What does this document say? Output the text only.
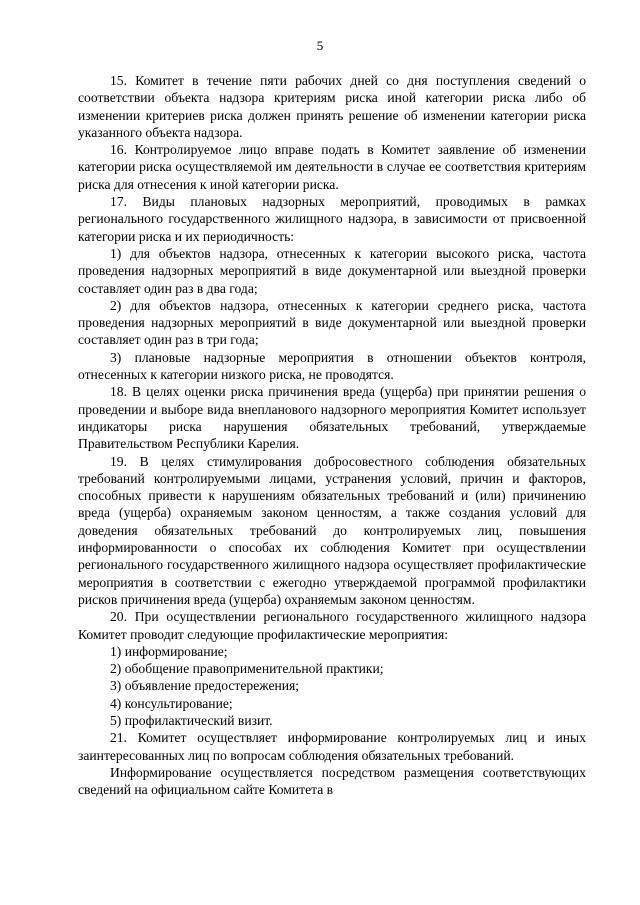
5

15. Комитет в течение пяти рабочих дней со дня поступления сведений о соответствии объекта надзора критериям риска иной категории риска либо об изменении критериев риска должен принять решение об изменении категории риска указанного объекта надзора.

16. Контролируемое лицо вправе подать в Комитет заявление об изменении категории риска осуществляемой им деятельности в случае ее соответствия критериям риска для отнесения к иной категории риска.

17. Виды плановых надзорных мероприятий, проводимых в рамках регионального государственного жилищного надзора, в зависимости от присвоенной категории риска и их периодичность:

1) для объектов надзора, отнесенных к категории высокого риска, частота проведения надзорных мероприятий в виде документарной или выездной проверки составляет один раз в два года;

2) для объектов надзора, отнесенных к категории среднего риска, частота проведения надзорных мероприятий в виде документарной или выездной проверки составляет один раз в три года;

3) плановые надзорные мероприятия в отношении объектов контроля, отнесенных к категории низкого риска, не проводятся.

18. В целях оценки риска причинения вреда (ущерба) при принятии решения о проведении и выборе вида внепланового надзорного мероприятия Комитет использует индикаторы риска нарушения обязательных требований, утверждаемые Правительством Республики Карелия.

19. В целях стимулирования добросовестного соблюдения обязательных требований контролируемыми лицами, устранения условий, причин и факторов, способных привести к нарушениям обязательных требований и (или) причинению вреда (ущерба) охраняемым законом ценностям, а также создания условий для доведения обязательных требований до контролируемых лиц, повышения информированности о способах их соблюдения Комитет при осуществлении регионального государственного жилищного надзора осуществляет профилактические мероприятия в соответствии с ежегодно утверждаемой программой профилактики рисков причинения вреда (ущерба) охраняемым законом ценностям.

20. При осуществлении регионального государственного жилищного надзора Комитет проводит следующие профилактические мероприятия:

1) информирование;

2) обобщение правоприменительной практики;

3) объявление предостережения;

4) консультирование;

5) профилактический визит.

21. Комитет осуществляет информирование контролируемых лиц и иных заинтересованных лиц по вопросам соблюдения обязательных требований.

Информирование осуществляется посредством размещения соответствующих сведений на официальном сайте Комитета в
